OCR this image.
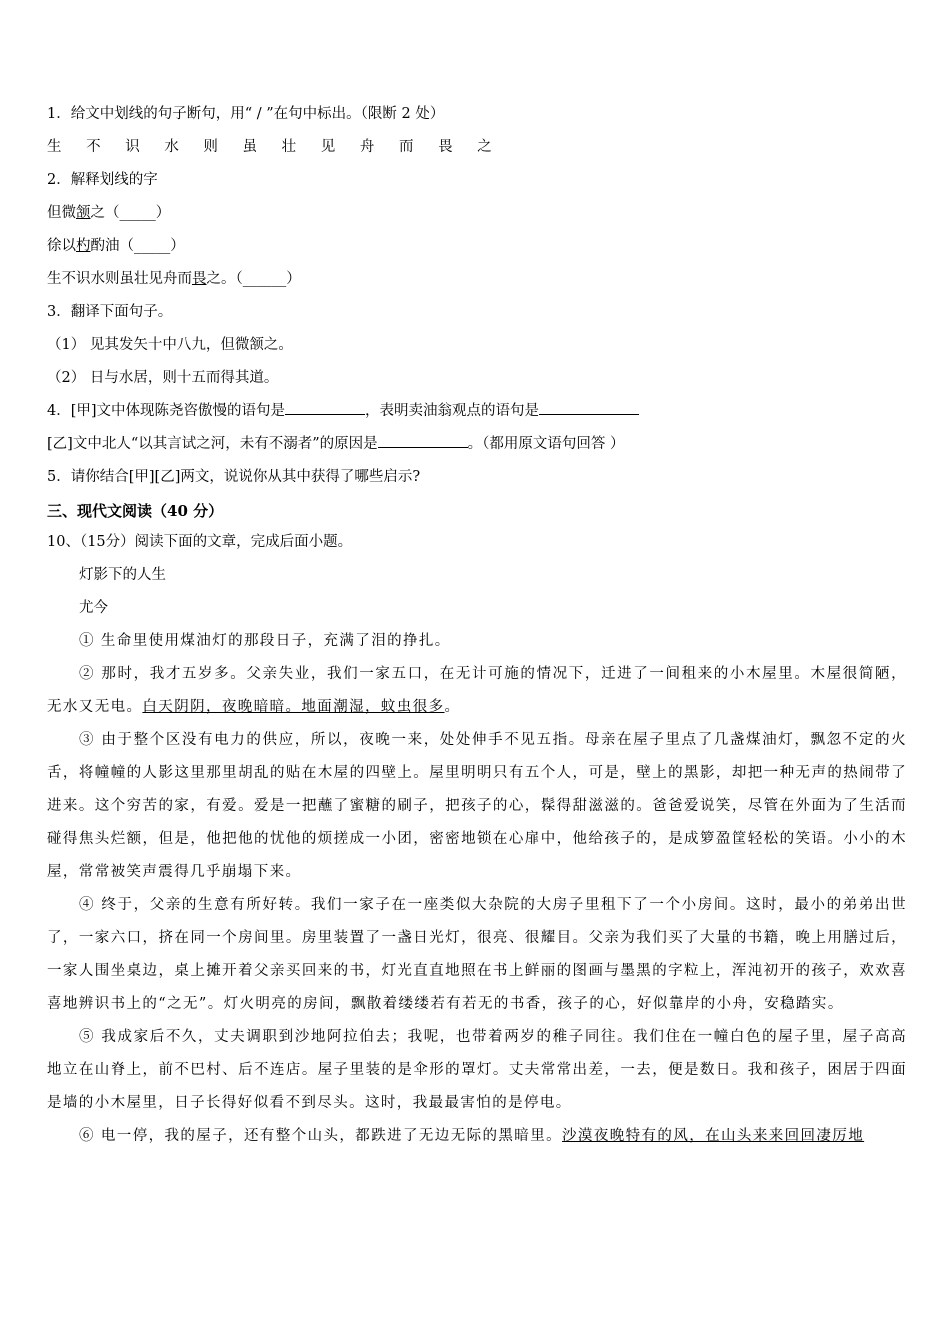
1．给文中划线的句子断句，用“ / ”在句中标出。（限断 2 处）
生 不 识 水 则 虽 壮 见 舟 而 畏 之
2．解释划线的字
但微颔之（_____）
徐以杓酌油（_____）
生不识水则虽壮见舟而畏之。（______）
3．翻译下面句子。
（1） 见其发矢十中八九，但微颔之。
（2） 日与水居，则十五而得其道。
4．[甲]文中体现陈尧咨傲慢的语句是	，表明卖油翁观点的语句是
[乙]文中北人“以其言试之河，未有不溺者”的原因是	。（都用原文语句回答 ）
5．请你结合[甲][乙]两文，说说你从其中获得了哪些启示?
三、现代文阅读（40 分）
10、（15分）阅读下面的文章，完成后面小题。
灯影下的人生
尤今
① 生命里使用煤油灯的那段日子，充满了泪的挣扎。
② 那时，我才五岁多。父亲失业，我们一家五口，在无计可施的情况下，迁进了一间租来的小木屋里。木屋很简陋，无水又无电。白天阴阴，夜晚暗暗。地面潮湿，蚊虫很多。
③ 由于整个区没有电力的供应，所以，夜晚一来，处处伸手不见五指。母亲在屋子里点了几盏煤油灯，飘忽不定的火舌，将幢幢的人影这里那里胡乱的贴在木屋的四壁上。屋里明明只有五个人，可是，壁上的黑影，却把一种无声的热闹带了进来。这个穷苦的家，有爱。爱是一把蘸了蜜糖的刷子，把孩子的心，髹得甜滋滋的。爸爸爱说笑，尽管在外面为了生活而碰得焦头烂额，但是，他把他的忧他的烦搓成一小团，密密地锁在心扉中，他给孩子的，是成箩盈筐轻松的笑语。小小的木屋，常常被笑声震得几乎崩塌下来。
④ 终于，父亲的生意有所好转。我们一家子在一座类似大杂院的大房子里租下了一个小房间。这时，最小的弟弟出世了，一家六口，挤在同一个房间里。房里装置了一盏日光灯，很亮、很耀目。父亲为我们买了大量的书籍，晚上用膳过后，一家人围坐桌边，桌上摊开着父亲买回来的书，灯光直直地照在书上鲜丽的图画与墨黑的字粒上，浑沌初开的孩子，欢欢喜喜地辨识书上的“之无”。灯火明亮的房间，飘散着缕缕若有若无的书香，孩子的心，好似靠岸的小舟，安稳踏实。
⑤ 我成家后不久，丈夫调职到沙地阿拉伯去；我呢，也带着两岁的稚子同往。我们住在一幢白色的屋子里，屋子高高地立在山脊上，前不巴村、后不连店。屋子里装的是伞形的罩灯。丈夫常常出差，一去，便是数日。我和孩子，困居于四面是墙的小木屋里，日子长得好似看不到尽头。这时，我最最害怕的是停电。
⑥ 电一停，我的屋子，还有整个山头，都跌进了无边无际的黑暗里。沙漠夜晚特有的风，在山头来来回回凄厉地
